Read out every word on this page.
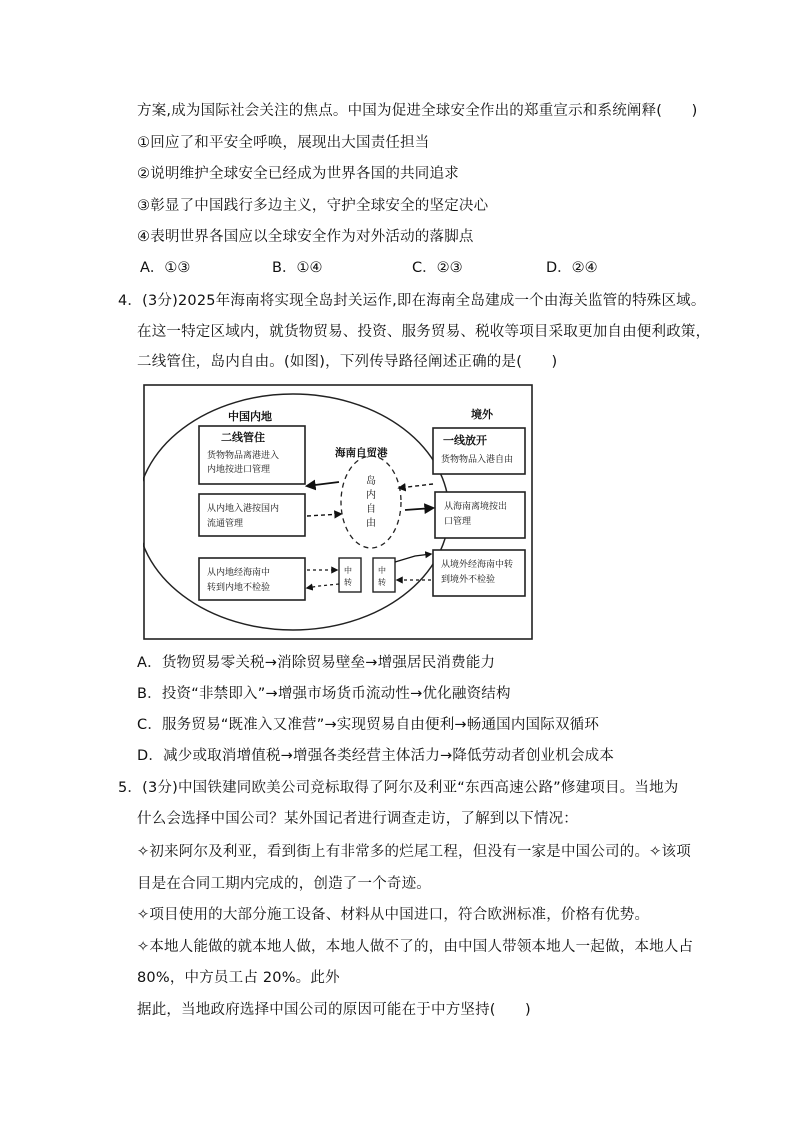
方案,成为国际社会关注的焦点。中国为促进全球安全作出的郑重宣示和系统阐释(　　)
①回应了和平安全呼唤，展现出大国责任担当
②说明维护全球安全已经成为世界各国的共同追求
③彰显了中国践行多边主义，守护全球安全的坚定决心
④表明世界各国应以全球安全作为对外活动的落脚点
A．①③	B．①④	C．②③	D．②④
4．(3分)2025年海南将实现全岛封关运作,即在海南全岛建成一个由海关监管的特殊区域。
在这一特定区域内，就货物贸易、投资、服务贸易、税收等项目采取更加自由便利政策，
二线管住，岛内自由。(如图)，下列传导路径阐述正确的是(　　)
中国内地	境外
海南自贸港
岛
内
自
由
二线管住
货物物品离港进入
内地按进口管理
从内地入港按国内
流通管理
从内地经海南中
转到内地不检验
一线放开
货物物品入港自由
从海南离境按出
口管理
从境外经海南中转
到境外不检验
中
转
中
转
A．货物贸易零关税→消除贸易壁垒→增强居民消费能力
B．投资“非禁即入”→增强市场货币流动性→优化融资结构
C．服务贸易“既准入又准营”→实现贸易自由便利→畅通国内国际双循环
D．减少或取消增值税→增强各类经营主体活力→降低劳动者创业机会成本
5．(3分)中国铁建同欧美公司竞标取得了阿尔及利亚“东西高速公路”修建项目。当地为
什么会选择中国公司？某外国记者进行调查走访，了解到以下情况：
✧初来阿尔及利亚，看到街上有非常多的烂尾工程，但没有一家是中国公司的。✧该项
目是在合同工期内完成的，创造了一个奇迹。
✧项目使用的大部分施工设备、材料从中国进口，符合欧洲标准，价格有优势。
✧本地人能做的就本地人做，本地人做不了的，由中国人带领本地人一起做，本地人占
80%，中方员工占 20%。此外
据此，当地政府选择中国公司的原因可能在于中方坚持(　　)
